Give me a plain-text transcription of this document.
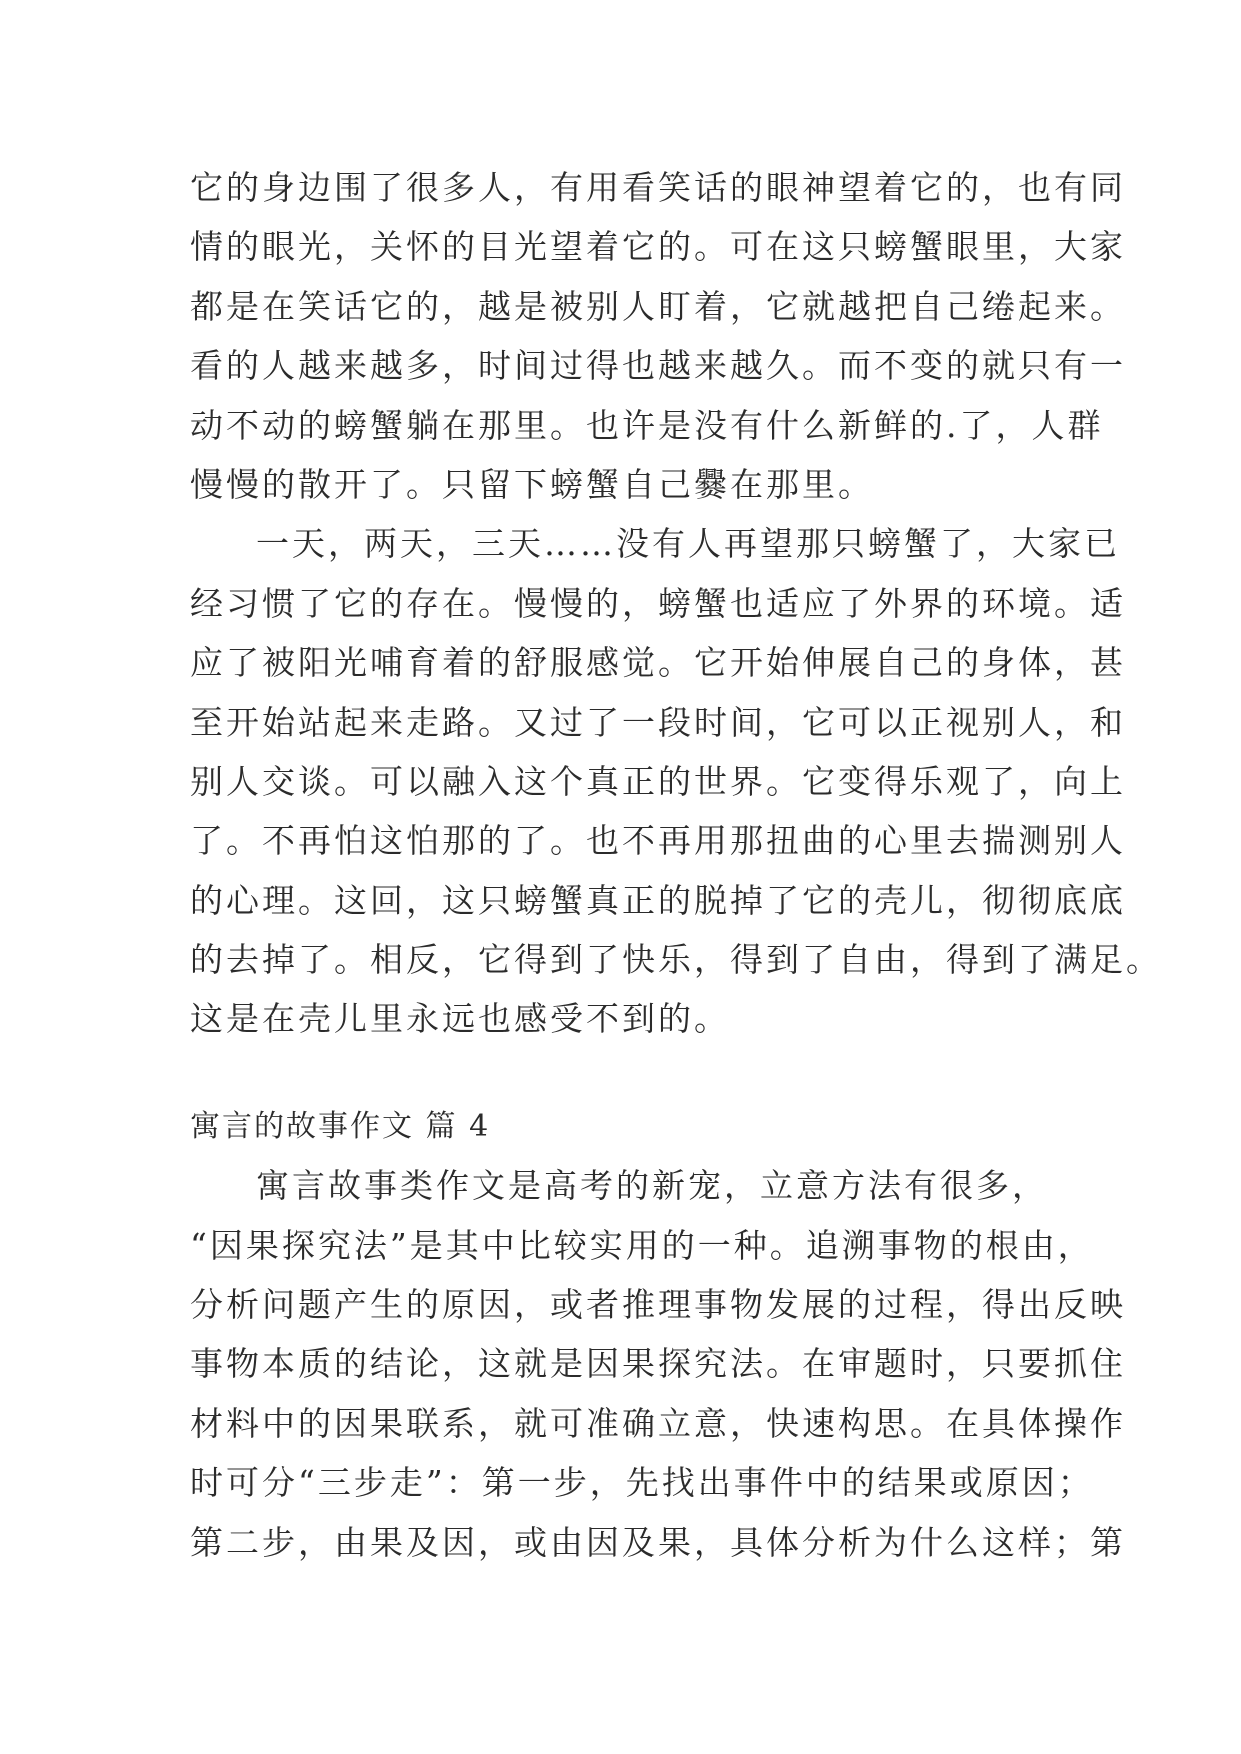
它的身边围了很多人，有用看笑话的眼神望着它的，也有同
情的眼光，关怀的目光望着它的。可在这只螃蟹眼里，大家
都是在笑话它的，越是被别人盯着，它就越把自己绻起来。
看的人越来越多，时间过得也越来越久。而不变的就只有一
动不动的螃蟹躺在那里。也许是没有什么新鲜的.了，人群
慢慢的散开了。只留下螃蟹自己爨在那里。
一天，两天，三天……没有人再望那只螃蟹了，大家已
经习惯了它的存在。慢慢的，螃蟹也适应了外界的环境。适
应了被阳光哺育着的舒服感觉。它开始伸展自己的身体，甚
至开始站起来走路。又过了一段时间，它可以正视别人，和
别人交谈。可以融入这个真正的世界。它变得乐观了，向上
了。不再怕这怕那的了。也不再用那扭曲的心里去揣测别人
的心理。这回，这只螃蟹真正的脱掉了它的壳儿，彻彻底底
的去掉了。相反，它得到了快乐，得到了自由，得到了满足。
这是在壳儿里永远也感受不到的。
寓言的故事作文 篇 4
寓言故事类作文是高考的新宠，立意方法有很多，
“因果探究法”是其中比较实用的一种。追溯事物的根由，
分析问题产生的原因，或者推理事物发展的过程，得出反映
事物本质的结论，这就是因果探究法。在审题时，只要抓住
材料中的因果联系，就可准确立意，快速构思。在具体操作
时可分“三步走”：第一步，先找出事件中的结果或原因；
第二步，由果及因，或由因及果，具体分析为什么这样；第
